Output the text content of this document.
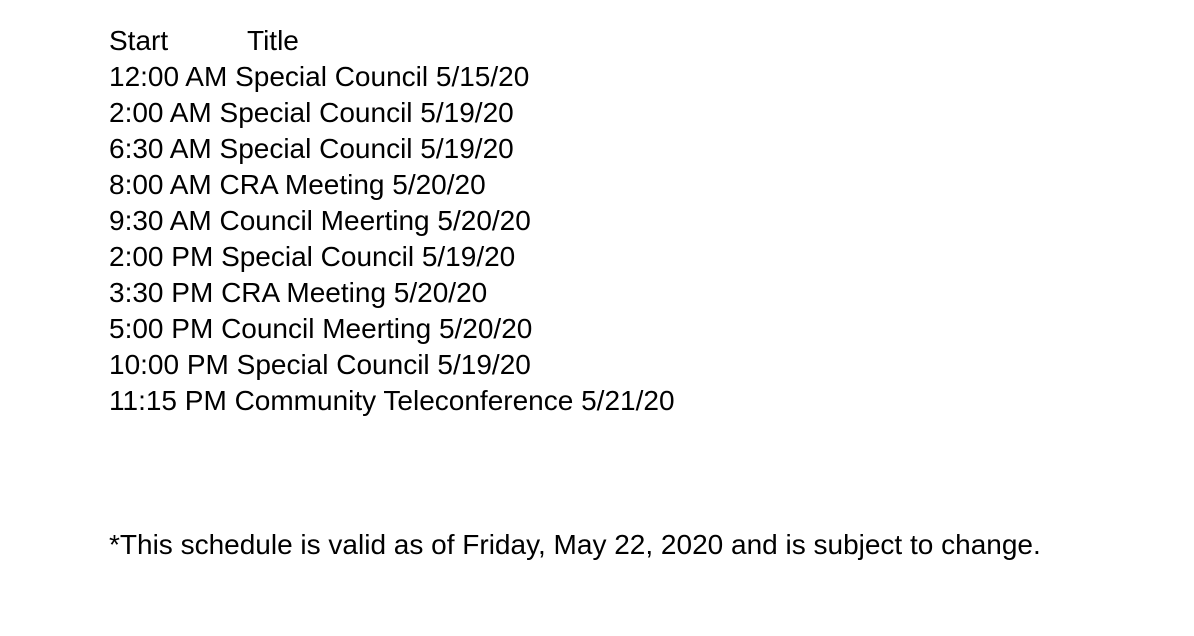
Start	Title
12:00 AM Special Council 5/15/20
2:00 AM Special Council 5/19/20
6:30 AM Special Council 5/19/20
8:00 AM CRA Meeting 5/20/20
9:30 AM Council Meerting 5/20/20
2:00 PM Special Council 5/19/20
3:30 PM CRA Meeting 5/20/20
5:00 PM Council Meerting 5/20/20
10:00 PM Special Council 5/19/20
11:15 PM Community Teleconference 5/21/20
*This schedule is valid as of Friday, May 22, 2020 and is subject to change.
